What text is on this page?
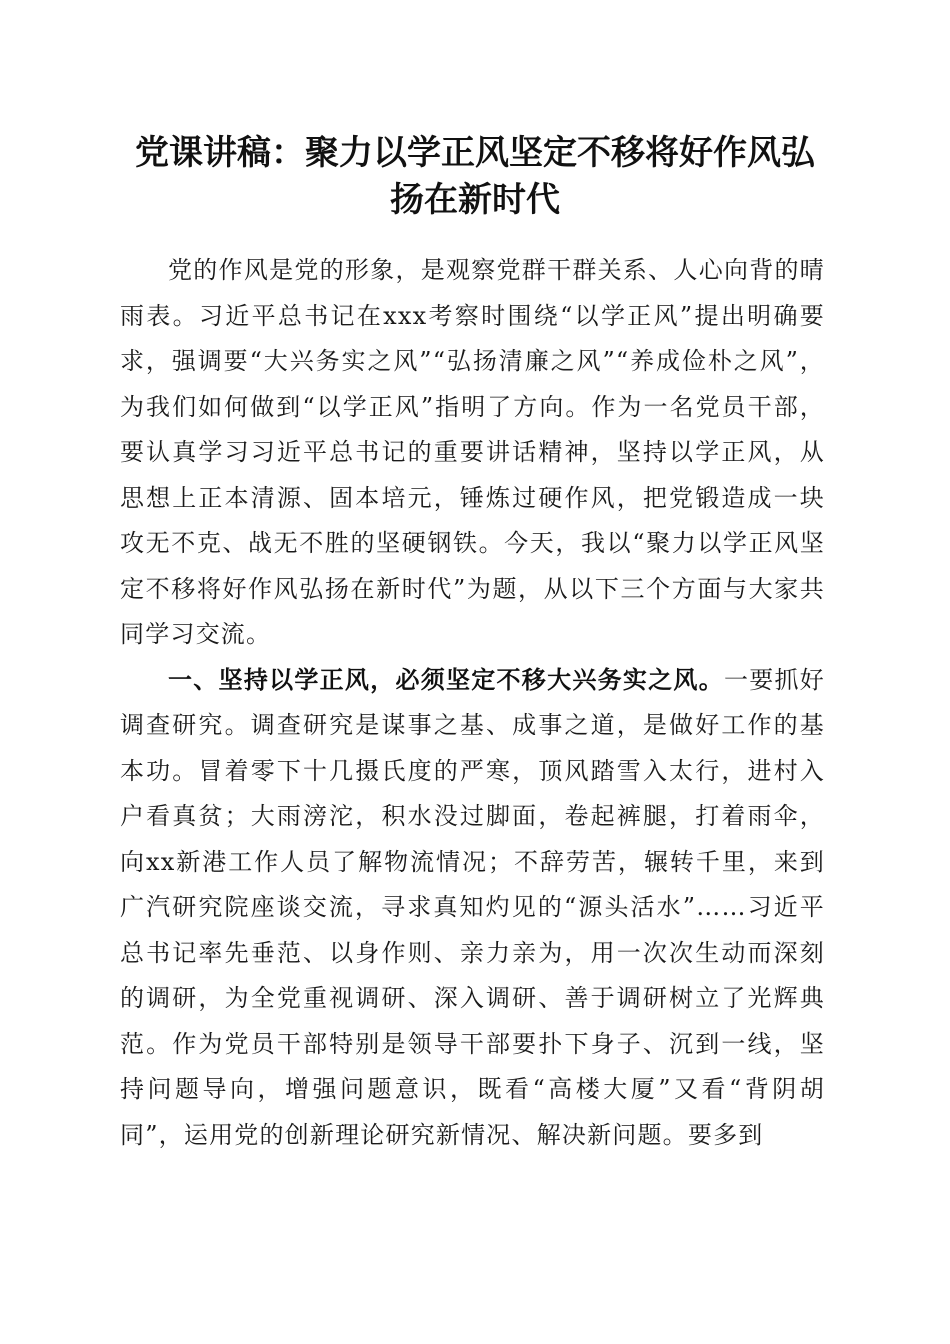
党课讲稿：聚力以学正风坚定不移将好作风弘
扬在新时代

党的作风是党的形象，是观察党群干群关系、人心向背的晴雨表。习近平总书记在xxx考察时围绕“以学正风”提出明确要求，强调要“大兴务实之风”“弘扬清廉之风”“养成俭朴之风”，为我们如何做到“以学正风”指明了方向。作为一名党员干部，要认真学习习近平总书记的重要讲话精神，坚持以学正风，从思想上正本清源、固本培元，锤炼过硬作风，把党锻造成一块攻无不克、战无不胜的坚硬钢铁。今天，我以“聚力以学正风坚定不移将好作风弘扬在新时代”为题，从以下三个方面与大家共同学习交流。

一、坚持以学正风，必须坚定不移大兴务实之风。一要抓好调查研究。调查研究是谋事之基、成事之道，是做好工作的基本功。冒着零下十几摄氏度的严寒，顶风踏雪入太行，进村入户看真贫；大雨滂沱，积水没过脚面，卷起裤腿，打着雨伞，向xx新港工作人员了解物流情况；不辞劳苦，辗转千里，来到广汽研究院座谈交流，寻求真知灼见的“源头活水”……习近平总书记率先垂范、以身作则、亲力亲为，用一次次生动而深刻的调研，为全党重视调研、深入调研、善于调研树立了光辉典范。作为党员干部特别是领导干部要扑下身子、沉到一线，坚持问题导向，增强问题意识，既看“高楼大厦”又看“背阴胡同”，运用党的创新理论研究新情况、解决新问题。要多到
